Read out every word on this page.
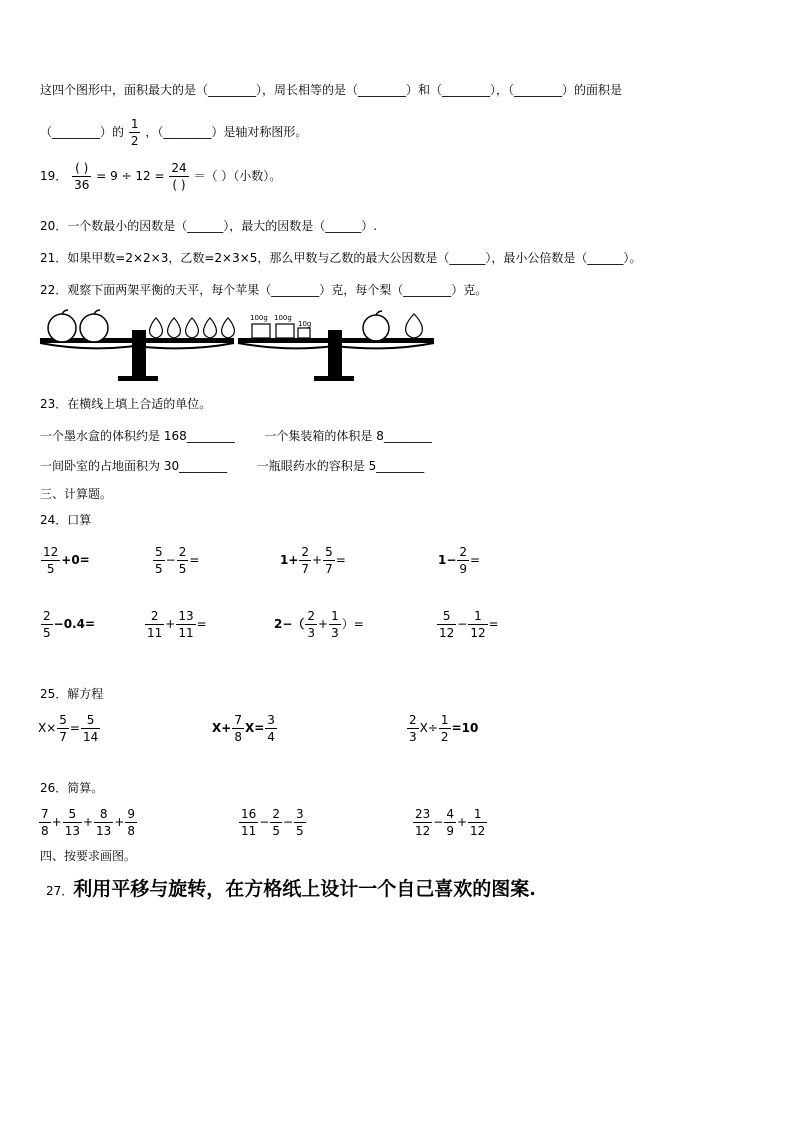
这四个图形中，面积最大的是（________），周长相等的是（________）和（________），（________）的面积是
（________）的 $\frac{1}{2}$ ，（________）是轴对称图形。
19． $\frac{( )}{36} = 9 \div 12 = \frac{24}{( )}$ ＝（ ）（小数）。
20．一个数最小的因数是（______），最大的因数是（______）.
21．如果甲数=2×2×3，乙数=2×3×5，那么甲数与乙数的最大公因数是（______），最小公倍数是（______）。
22．观察下面两架平衡的天平，每个苹果（________）克，每个梨（________）克。
100g 100g
10g
23．在横线上填上合适的单位。
一个墨水盒的体积约是 168________ 一个集装箱的体积是 8________
一间卧室的占地面积为 30________ 一瓶眼药水的容积是 5________
三、计算题。
24．口算
$\frac{12}{5} +0=$	$\frac{5}{5} - \frac{2}{5}$ =	$1+ \frac{2}{7} + \frac{5}{7}$ =	$1- \frac{2}{9}$ =
$\frac{2}{5} -0.4=$	$\frac{2}{11} + \frac{13}{11}$ =	$2-( \frac{2}{3} + \frac{1}{3}$ ）=	$\frac{5}{12} - \frac{1}{12}$ =
25．解方程
$X\times \frac{5}{7} = \frac{5}{14}$	$X+ \frac{7}{8} X= \frac{3}{4}$	$\frac{2}{3} X\div \frac{1}{2} =10$
26．简算。
$\frac{7}{8} + \frac{5}{13} + \frac{8}{13} + \frac{9}{8}$	$\frac{16}{11} - \frac{2}{5} - \frac{3}{5}$	$\frac{23}{12} - \frac{4}{9} + \frac{1}{12}$
四、按要求画图。
27．利用平移与旋转，在方格纸上设计一个自己喜欢的图案.
